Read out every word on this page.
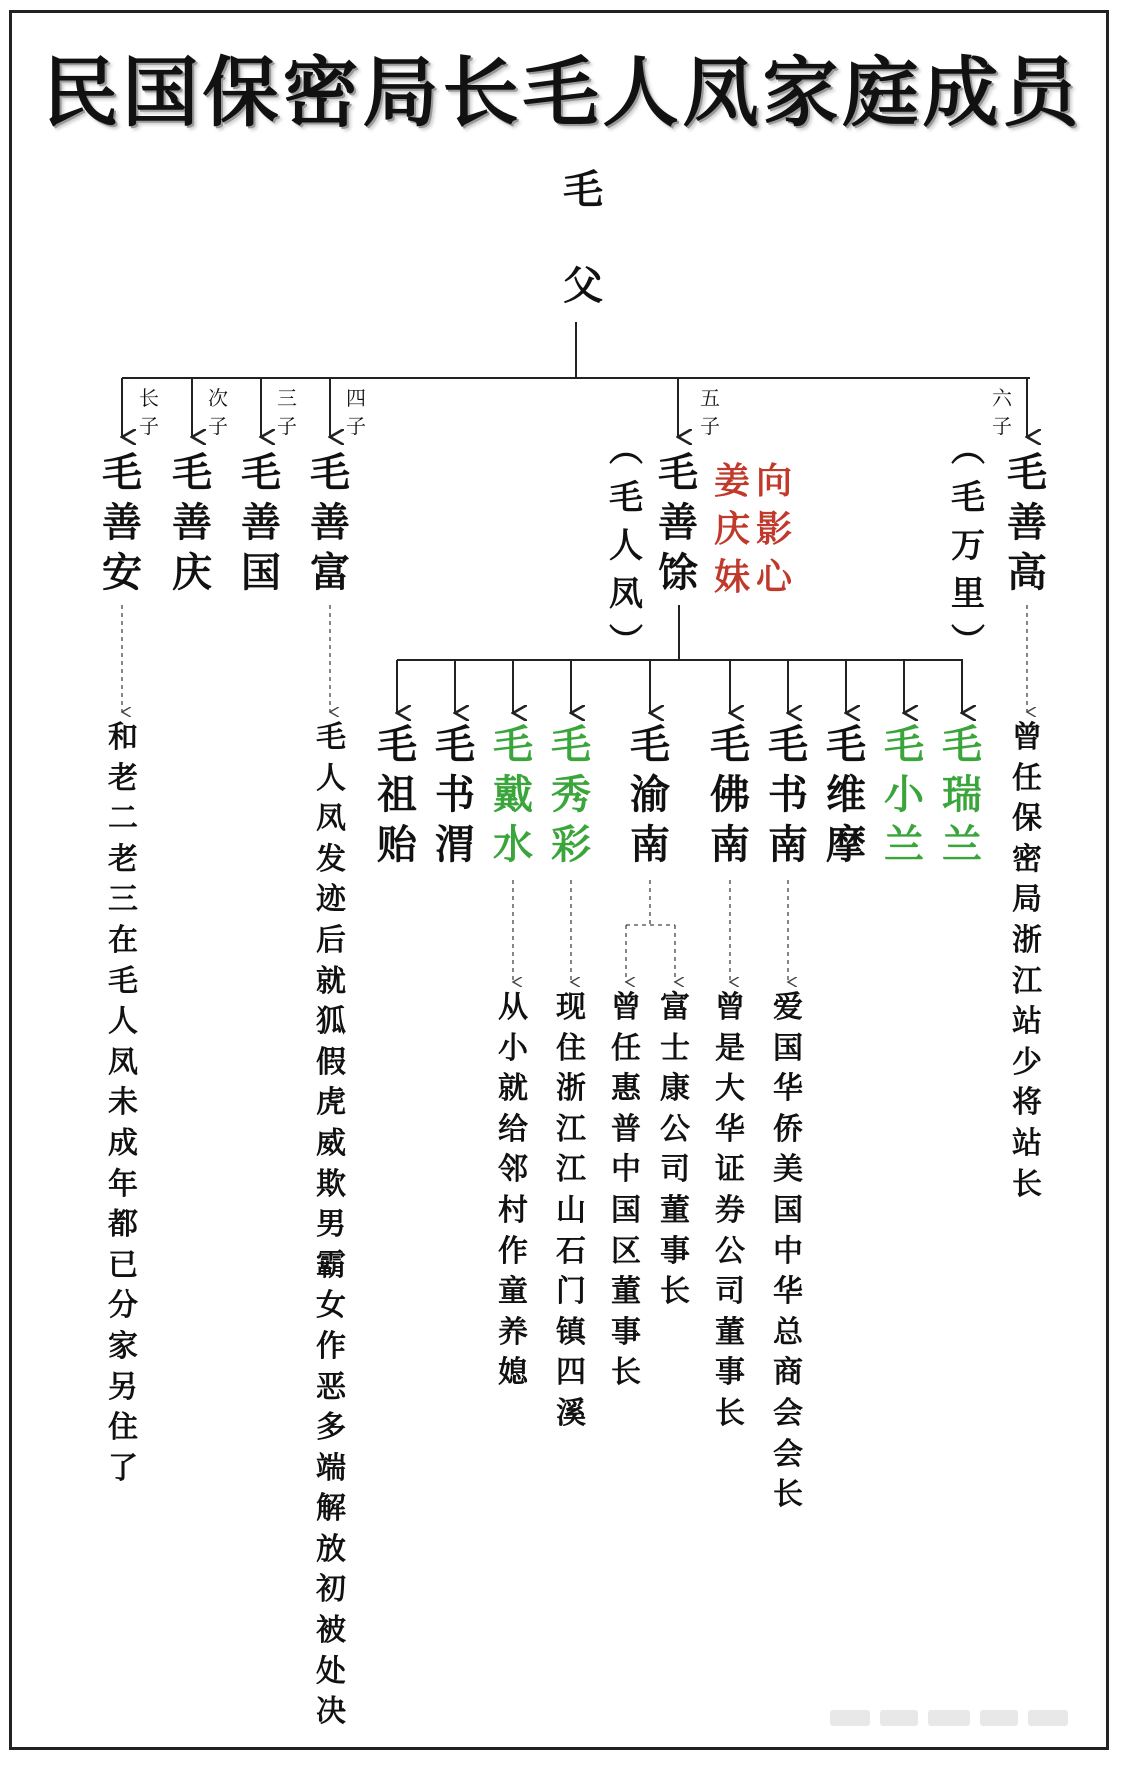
民国保密局长毛人凤家庭成员
毛
父
长
子
次
子
三
子
四
子
五
子
六
子
毛
善
安
毛
善
庆
毛
善
国
毛
善
富
毛
善
馀
毛
善
高
︵
毛
人
凤
︶
︵
毛
万
里
︶
姜
庆
妹
向
影
心
和
老
二
老
三
在
毛
人
凤
未
成
年
都
已
分
家
另
住
了
毛
人
凤
发
迹
后
就
狐
假
虎
威
欺
男
霸
女
作
恶
多
端
解
放
初
被
处
决
曾
任
保
密
局
浙
江
站
少
将
站
长
毛
祖
贻
毛
书
渭
毛
戴
水
毛
秀
彩
毛
渝
南
毛
佛
南
毛
书
南
毛
维
摩
毛
小
兰
毛
瑞
兰
从
小
就
给
邻
村
作
童
养
媳
现
住
浙
江
江
山
石
门
镇
四
溪
曾
任
惠
普
中
国
区
董
事
长
富
士
康
公
司
董
事
长
曾
是
大
华
证
券
公
司
董
事
长
爱
国
华
侨
美
国
中
华
总
商
会
会
长
